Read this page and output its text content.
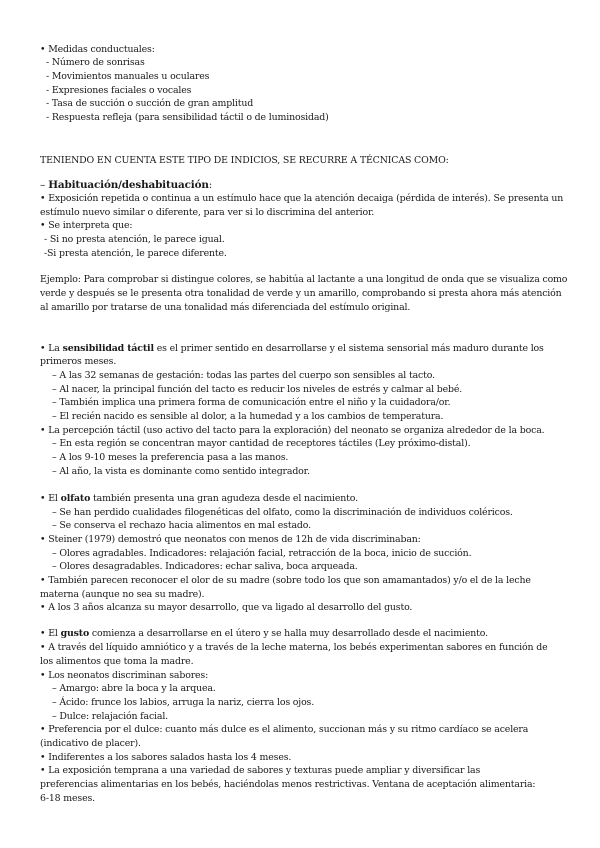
• Medidas conductuales:
- Número de sonrisas
- Movimientos manuales u oculares
- Expresiones faciales o vocales
- Tasa de succión o succión de gran amplitud
- Respuesta refleja (para sensibilidad táctil o de luminosidad)
TENIENDO EN CUENTA ESTE TIPO DE INDICIOS, SE RECURRE A TÉCNICAS COMO:
– Habituación/deshabituación:
• Exposición repetida o continua a un estímulo hace que la atención decaiga (pérdida de interés). Se presenta un
estímulo nuevo similar o diferente, para ver si lo discrimina del anterior.
• Se interpreta que:
- Si no presta atención, le parece igual.
-Si presta atención, le parece diferente.
Ejemplo: Para comprobar si distingue colores, se habitúa al lactante a una longitud de onda que se visualiza como
verde y después se le presenta otra tonalidad de verde y un amarillo, comprobando si presta ahora más atención
al amarillo por tratarse de una tonalidad más diferenciada del estímulo original.
• La sensibilidad táctil es el primer sentido en desarrollarse y el sistema sensorial más maduro durante los
primeros meses.
– A las 32 semanas de gestación: todas las partes del cuerpo son sensibles al tacto.
– Al nacer, la principal función del tacto es reducir los niveles de estrés y calmar al bebé.
– También implica una primera forma de comunicación entre el niño y la cuidadora/or.
– El recién nacido es sensible al dolor, a la humedad y a los cambios de temperatura.
• La percepción táctil (uso activo del tacto para la exploración) del neonato se organiza alrededor de la boca.
– En esta región se concentran mayor cantidad de receptores táctiles (Ley próximo-distal).
– A los 9-10 meses la preferencia pasa a las manos.
– Al año, la vista es dominante como sentido integrador.
• El olfato también presenta una gran agudeza desde el nacimiento.
– Se han perdido cualidades filogenéticas del olfato, como la discriminación de individuos coléricos.
– Se conserva el rechazo hacia alimentos en mal estado.
• Steiner (1979) demostró que neonatos con menos de 12h de vida discriminaban:
– Olores agradables. Indicadores: relajación facial, retracción de la boca, inicio de succión.
– Olores desagradables. Indicadores: echar saliva, boca arqueada.
• También parecen reconocer el olor de su madre (sobre todo los que son amamantados) y/o el de la leche
materna (aunque no sea su madre).
• A los 3 años alcanza su mayor desarrollo, que va ligado al desarrollo del gusto.
• El gusto comienza a desarrollarse en el útero y se halla muy desarrollado desde el nacimiento.
• A través del líquido amniótico y a través de la leche materna, los bebés experimentan sabores en función de
los alimentos que toma la madre.
• Los neonatos discriminan sabores:
– Amargo: abre la boca y la arquea.
– Ácido: frunce los labios, arruga la nariz, cierra los ojos.
– Dulce: relajación facial.
• Preferencia por el dulce: cuanto más dulce es el alimento, succionan más y su ritmo cardíaco se acelera
(indicativo de placer).
• Indiferentes a los sabores salados hasta los 4 meses.
• La exposición temprana a una variedad de sabores y texturas puede ampliar y diversificar las
preferencias alimentarias en los bebés, haciéndolas menos restrictivas. Ventana de aceptación alimentaria:
6-18 meses.
